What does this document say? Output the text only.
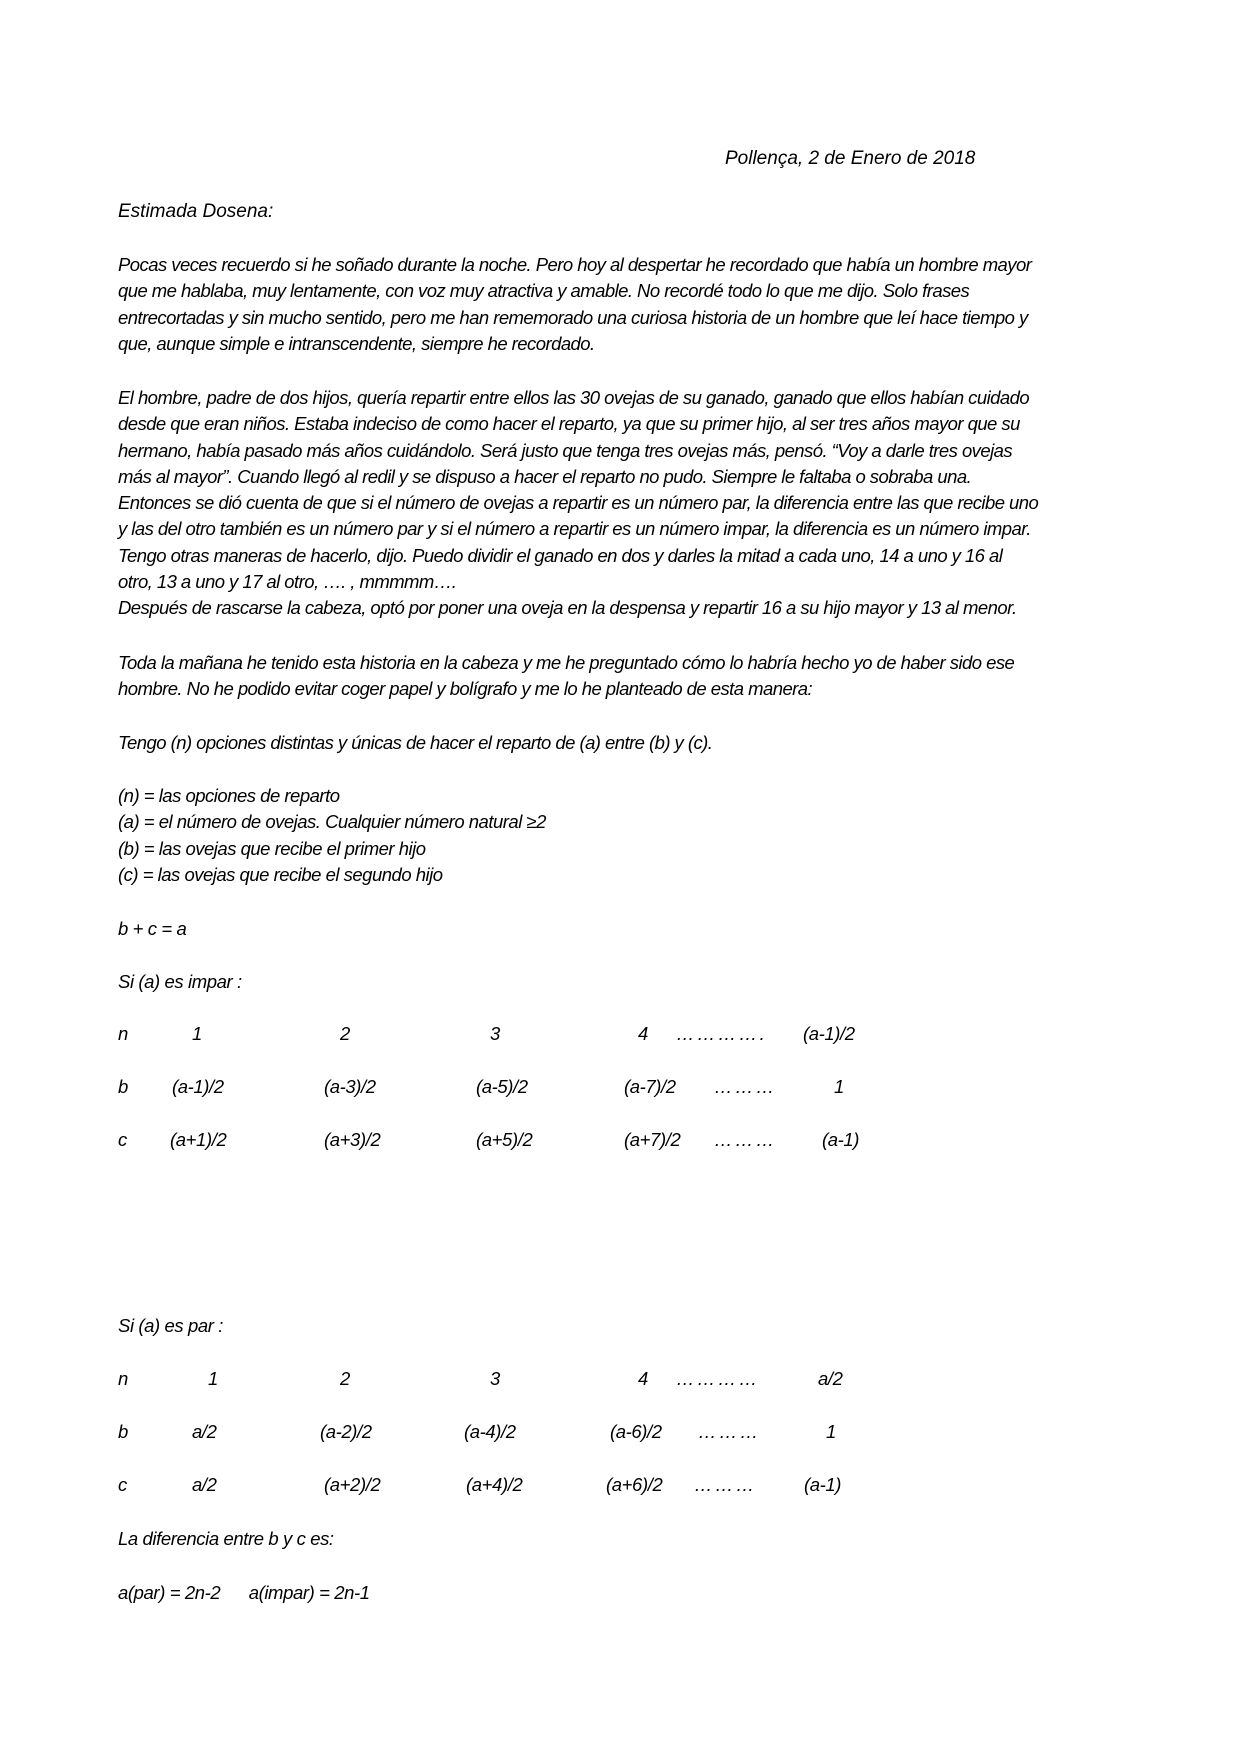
Pollença, 2 de Enero de 2018
Estimada Dosena:
Pocas veces recuerdo si he soñado durante la noche. Pero hoy al despertar he recordado que había un hombre mayor
que me hablaba, muy lentamente, con voz muy atractiva y amable. No recordé todo lo que me dijo. Solo frases
entrecortadas y sin mucho sentido, pero me han rememorado una curiosa historia de un hombre que leí hace tiempo y
que, aunque simple e intranscendente, siempre he recordado.
El hombre, padre de dos hijos, quería repartir entre ellos las 30 ovejas de su ganado, ganado que ellos habían cuidado
desde que eran niños. Estaba indeciso de como hacer el reparto, ya que su primer hijo, al ser tres años mayor que su
hermano, había pasado más años cuidándolo. Será justo que tenga tres ovejas más, pensó. “Voy a darle tres ovejas
más al mayor”. Cuando llegó al redil y se dispuso a hacer el reparto no pudo. Siempre le faltaba o sobraba una.
Entonces se dió cuenta de que si el número de ovejas a repartir es un número par, la diferencia entre las que recibe uno
y las del otro también es un número par y si el número a repartir es un número impar, la diferencia es un número impar.
Tengo otras maneras de hacerlo, dijo. Puedo dividir el ganado en dos y darles la mitad a cada uno, 14 a uno y 16 al
otro, 13 a uno y 17 al otro, …. , mmmmm….
Después de rascarse la cabeza, optó por poner una oveja en la despensa y repartir 16 a su hijo mayor y 13 al menor.
Toda la mañana he tenido esta historia en la cabeza y me he preguntado cómo lo habría hecho yo de haber sido ese
hombre. No he podido evitar coger papel y bolígrafo y me lo he planteado de esta manera:
Tengo (n) opciones distintas y únicas de hacer el reparto de (a) entre (b) y (c).
(n) = las opciones de reparto
(a) = el número de ovejas. Cualquier número natural ≥2
(b) = las ovejas que recibe el primer hijo
(c) = las ovejas que recibe el segundo hijo
b + c = a
Si (a) es impar :
n	1	2	3	4 …………. (a-1)/2
b (a-1)/2	(a-3)/2	(a-5)/2	(a-7)/2 ………	1
c (a+1)/2	(a+3)/2	(a+5)/2	(a+7)/2 ……… (a-1)
Si (a) es par :
n	1	2	3	4 …………	a/2
b	a/2	(a-2)/2	(a-4)/2	(a-6)/2 ………	1
c	a/2	(a+2)/2	(a+4)/2	(a+6)/2 ………	(a-1)
La diferencia entre b y c es:
a(par) = 2n-2      a(impar) = 2n-1
